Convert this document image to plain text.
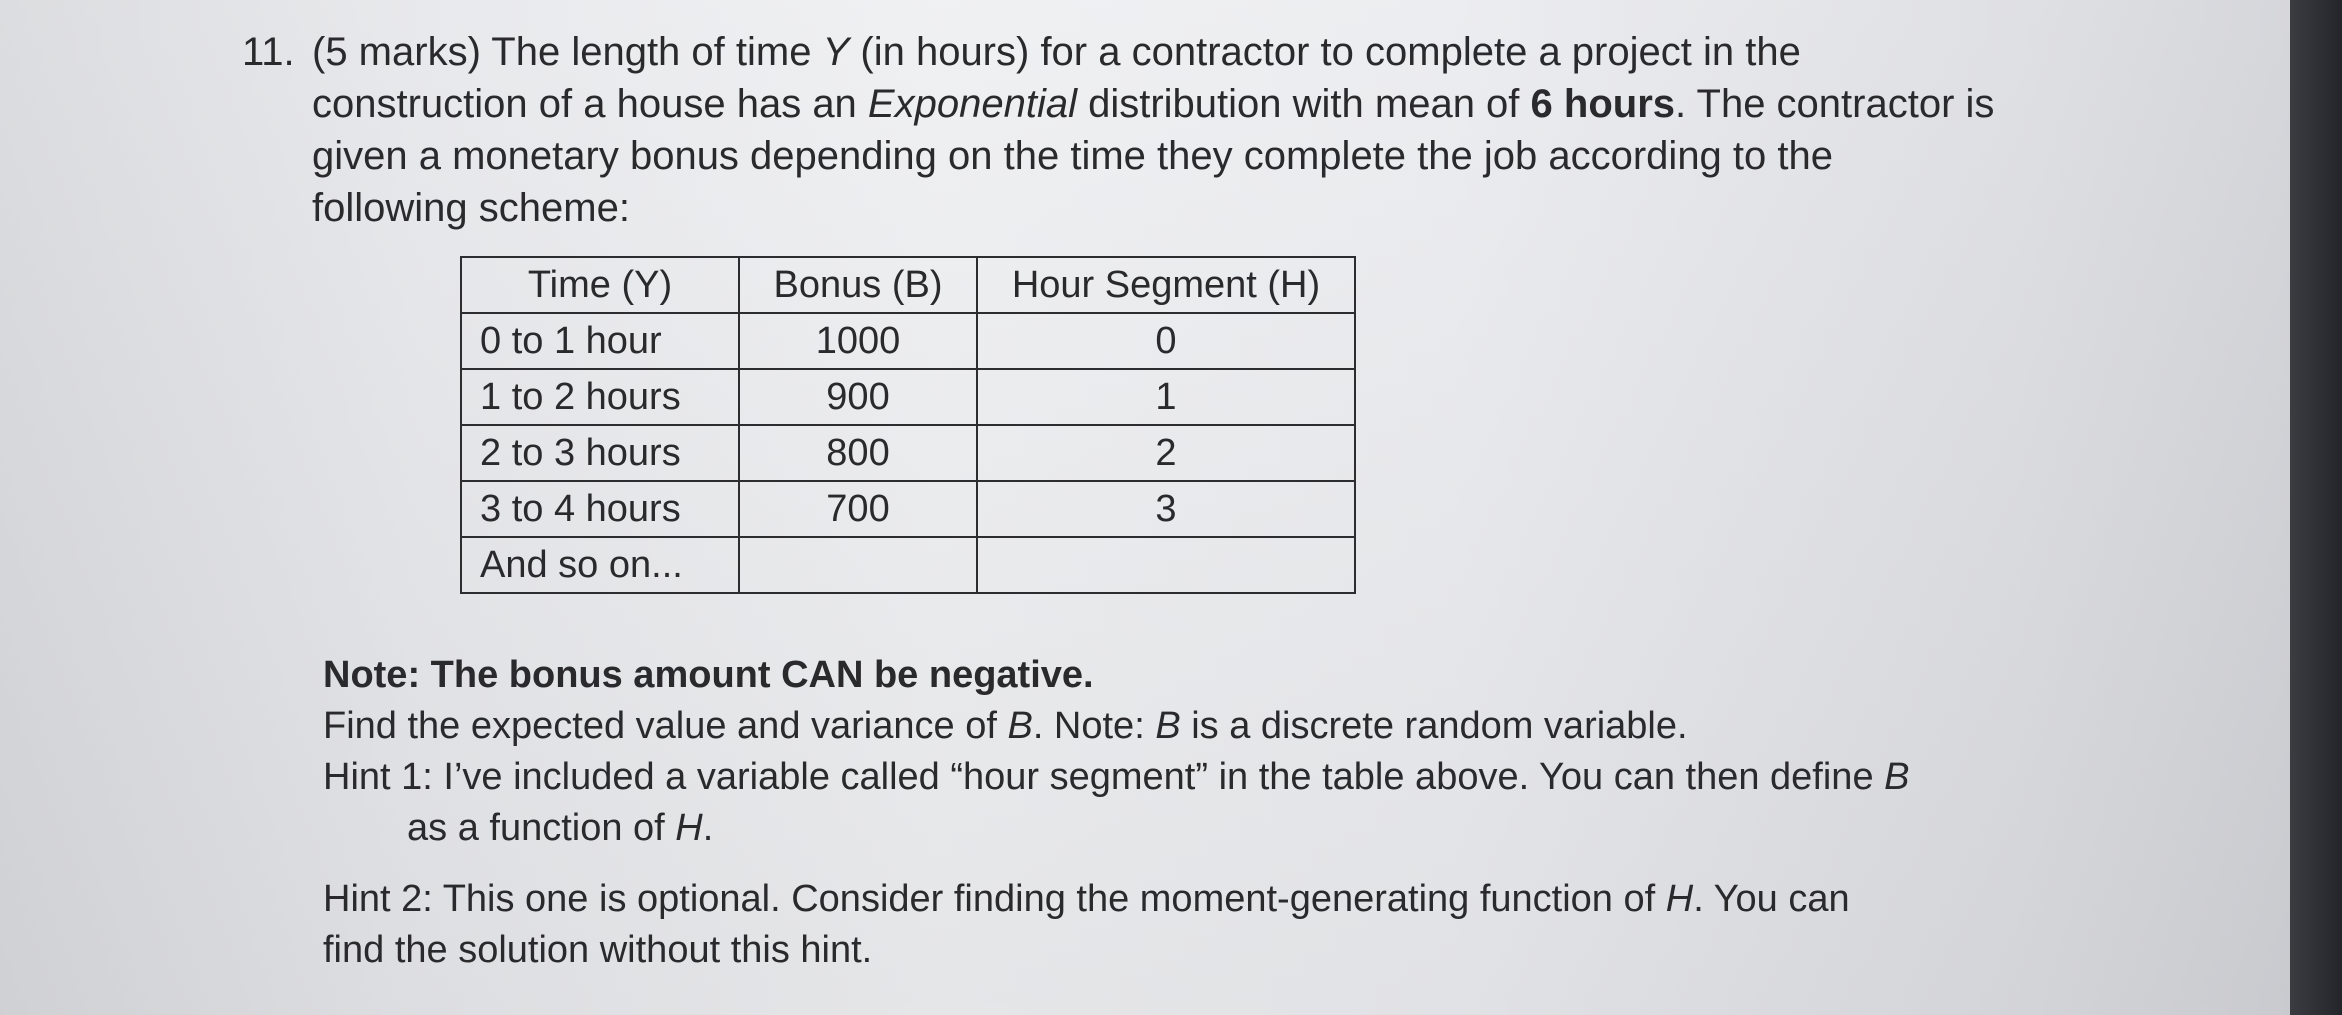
11. (5 marks) The length of time Y (in hours) for a contractor to complete a project in the
construction of a house has an Exponential distribution with mean of 6 hours. The contractor is
given a monetary bonus depending on the time they complete the job according to the
following scheme:
Time (Y)	Bonus (B)	Hour Segment (H)
0 to 1 hour	1000	0
1 to 2 hours	900	1
2 to 3 hours	800	2
3 to 4 hours	700	3
And so on...		
Note: The bonus amount CAN be negative.
Find the expected value and variance of B. Note: B is a discrete random variable.
Hint 1: I’ve included a variable called “hour segment” in the table above. You can then define B
as a function of H.
Hint 2: This one is optional. Consider finding the moment-generating function of H. You can
find the solution without this hint.
